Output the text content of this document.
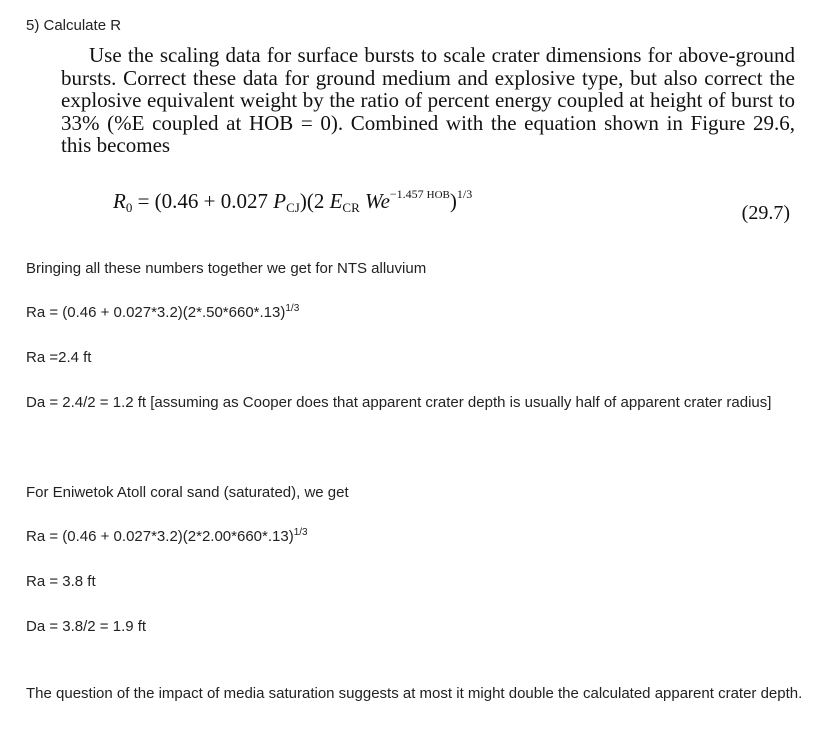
5) Calculate R
Use the scaling data for surface bursts to scale crater dimensions for above-ground bursts. Correct these data for ground medium and explosive type, but also correct the explosive equivalent weight by the ratio of percent energy coupled at height of burst to 33% (%E coupled at HOB = 0). Combined with the equation shown in Figure 29.6, this becomes
$R_0 = (0.46 + 0.027$ $P_{CJ})(2$ $E_{CR}$ $We^{-1.457 HOB})^{1/3}$
(29.7)
Bringing all these numbers together we get for NTS alluvium
$Ra = (0.46 + 0.027*3.2)(2*.50*660*.13)^{1/3}$
Ra =2.4 ft
Da = 2.4/2 = 1.2 ft [assuming as Cooper does that apparent crater depth is usually half of apparent crater radius]
For Eniwetok Atoll coral sand (saturated), we get
$Ra = (0.46 + 0.027*3.2)(2*2.00*660*.13)^{1/3}$
Ra = 3.8 ft
Da = 3.8/2 = 1.9 ft
The question of the impact of media saturation suggests at most it might double the calculated apparent crater depth.
